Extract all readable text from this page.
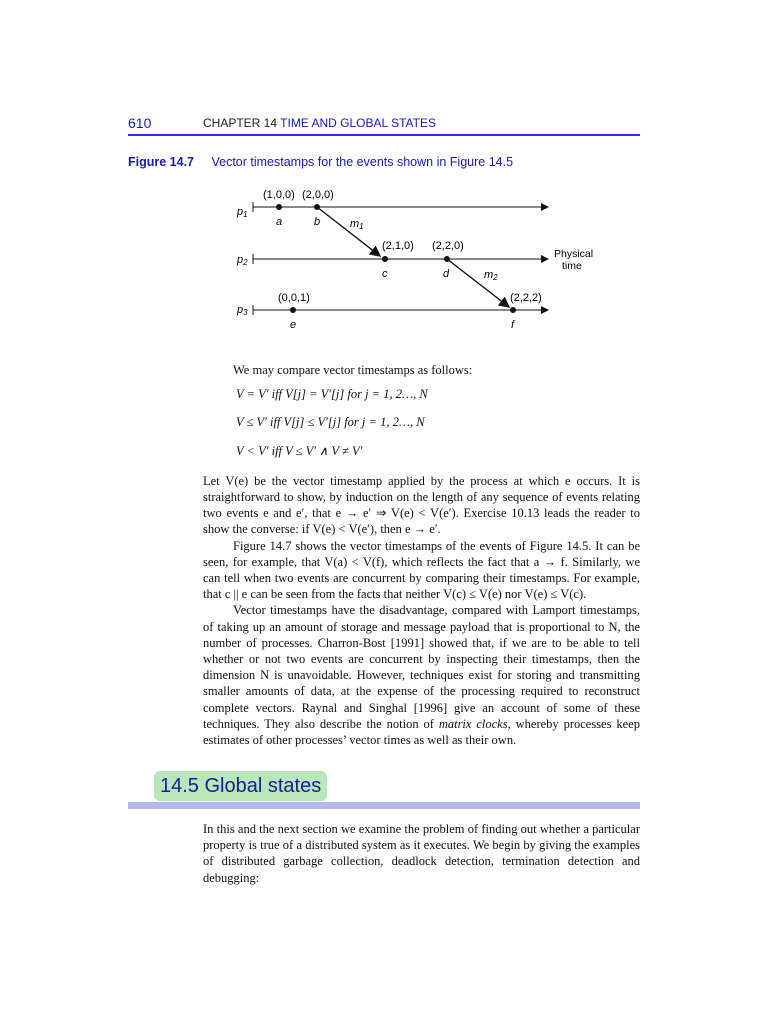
610	CHAPTER 14 TIME AND GLOBAL STATES
Figure 14.7 Vector timestamps for the events shown in Figure 14.5
p1
p2
p3
m1
m2
a	b
c	d
e	f
(1,0,0) (2,0,0)
(2,1,0) (2,2,0)
(0,0,1)	(2,2,2)
Physical
time

We may compare vector timestamps as follows:

V = V′ iff V[j] = V′[j] for j = 1, 2…, N

V ≤ V′ iff V[j] ≤ V′[j] for j = 1, 2…, N

V < V′ iff V ≤ V′ ∧ V ≠ V′

Let V(e) be the vector timestamp applied by the process at which e occurs. It is straightforward to show, by induction on the length of any sequence of events relating two events e and e′, that e → e′ ⇒ V(e) < V(e′). Exercise 10.13 leads the reader to show the converse: if V(e) < V(e′), then e → e′.

Figure 14.7 shows the vector timestamps of the events of Figure 14.5. It can be seen, for example, that V(a) < V(f), which reflects the fact that a → f. Similarly, we can tell when two events are concurrent by comparing their timestamps. For example, that c || e can be seen from the facts that neither V(c) ≤ V(e) nor V(e) ≤ V(c).

Vector timestamps have the disadvantage, compared with Lamport timestamps, of taking up an amount of storage and message payload that is proportional to N, the number of processes. Charron-Bost [1991] showed that, if we are to be able to tell whether or not two events are concurrent by inspecting their timestamps, then the dimension N is unavoidable. However, techniques exist for storing and transmitting smaller amounts of data, at the expense of the processing required to reconstruct complete vectors. Raynal and Singhal [1996] give an account of some of these techniques. They also describe the notion of matrix clocks, whereby processes keep estimates of other processes’ vector times as well as their own.

14.5 Global states
In this and the next section we examine the problem of finding out whether a particular property is true of a distributed system as it executes. We begin by giving the examples of distributed garbage collection, deadlock detection, termination detection and debugging:
